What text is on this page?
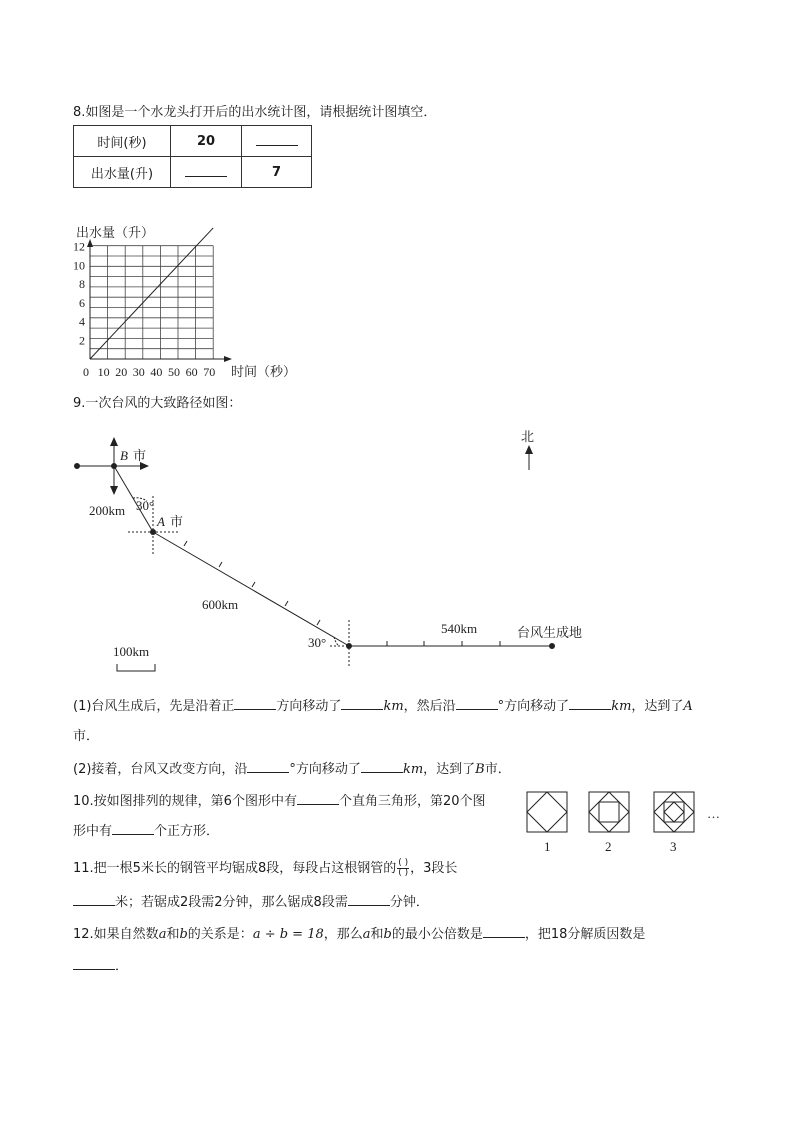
8.如图是一个水龙头打开后的出水统计图，请根据统计图填空．
时间(秒)	20	
出水量(升)		7
2
4
6
8
10
12
0 10 20 30 40 50 60 70
出水量（升）
时间（秒）
9.一次台风的大致路径如图：
北
B 市
200km 30°
A 市
600km
30°
540km	台风生成地
100km
(1)台风生成后，先是沿着正	方向移动了	km，然后沿	°方向移动了	km，达到了A
市．
(2)接着，台风又改变方向，沿	°方向移动了	km，达到了B市．
10.按如图排列的规律，第6个图形中有	个直角三角形，第20个图
形中有	个正方形．
1	2	3
…
11.把一根5米长的钢管平均锯成8段，每段占这根钢管的 $\frac{( )}{( )}$ ，3段长
米；若锯成2段需2分钟，那么锯成8段需	分钟．
12.如果自然数a和b的关系是：a ÷ b = 18，那么a和b的最小公倍数是	，把18分解质因数是
．
